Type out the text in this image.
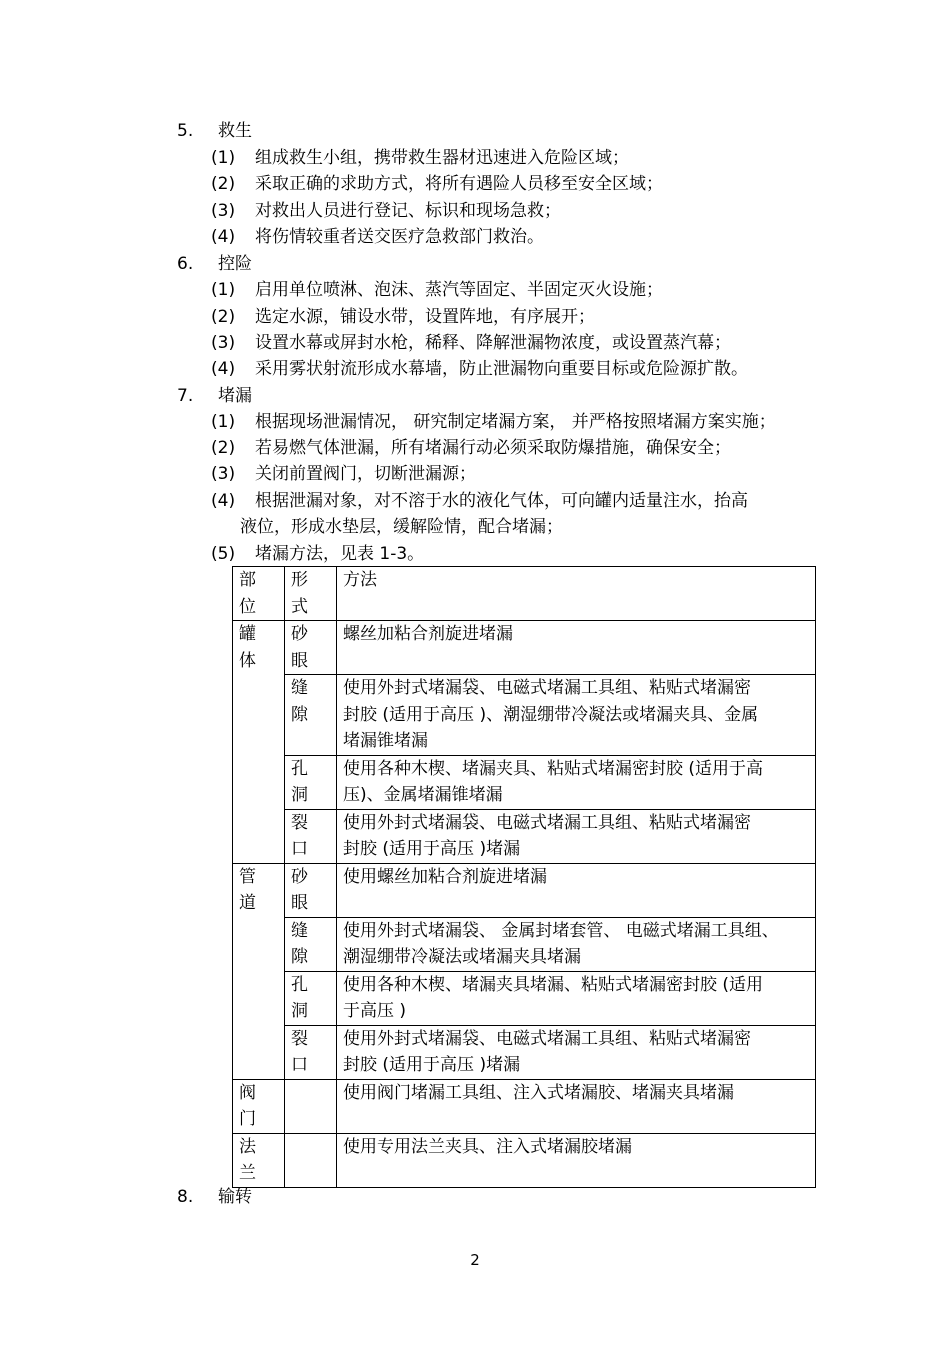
5. 救生
(1) 组成救生小组，携带救生器材迅速进入危险区域；
(2) 采取正确的求助方式，将所有遇险人员移至安全区域；
(3) 对救出人员进行登记、标识和现场急救；
(4) 将伤情较重者送交医疗急救部门救治。
6. 控险
(1) 启用单位喷淋、泡沫、蒸汽等固定、半固定灭火设施；
(2) 选定水源，铺设水带，设置阵地，有序展开；
(3) 设置水幕或屏封水枪，稀释、降解泄漏物浓度，或设置蒸汽幕；
(4) 采用雾状射流形成水幕墙，防止泄漏物向重要目标或危险源扩散。
7. 堵漏
(1) 根据现场泄漏情况， 研究制定堵漏方案， 并严格按照堵漏方案实施；
(2) 若易燃气体泄漏，所有堵漏行动必须采取防爆措施，确保安全；
(3) 关闭前置阀门，切断泄漏源；
(4) 根据泄漏对象，对不溶于水的液化气体，可向罐内适量注水，抬高
液位，形成水垫层，缓解险情，配合堵漏；
(5) 堵漏方法，见表 1-3。
部位	形式	方法

罐体	砂眼	螺丝加粘合剂旋进堵漏

	缝隙	使用外封式堵漏袋、电磁式堵漏工具组、粘贴式堵漏密
封胶 (适用于高压 )、潮湿绷带冷凝法或堵漏夹具、金属
堵漏锥堵漏

	孔洞	使用各种木楔、堵漏夹具、粘贴式堵漏密封胶 (适用于高
压)、金属堵漏锥堵漏

	裂口	使用外封式堵漏袋、电磁式堵漏工具组、粘贴式堵漏密
封胶 (适用于高压 )堵漏

管道	砂眼	使用螺丝加粘合剂旋进堵漏

	缝隙	使用外封式堵漏袋、 金属封堵套管、 电磁式堵漏工具组、
潮湿绷带冷凝法或堵漏夹具堵漏

	孔洞	使用各种木楔、堵漏夹具堵漏、粘贴式堵漏密封胶 (适用
于高压 )

	裂口	使用外封式堵漏袋、电磁式堵漏工具组、粘贴式堵漏密
封胶 (适用于高压 )堵漏

阀门		使用阀门堵漏工具组、注入式堵漏胶、堵漏夹具堵漏

法兰		使用专用法兰夹具、注入式堵漏胶堵漏
8. 输转
2
